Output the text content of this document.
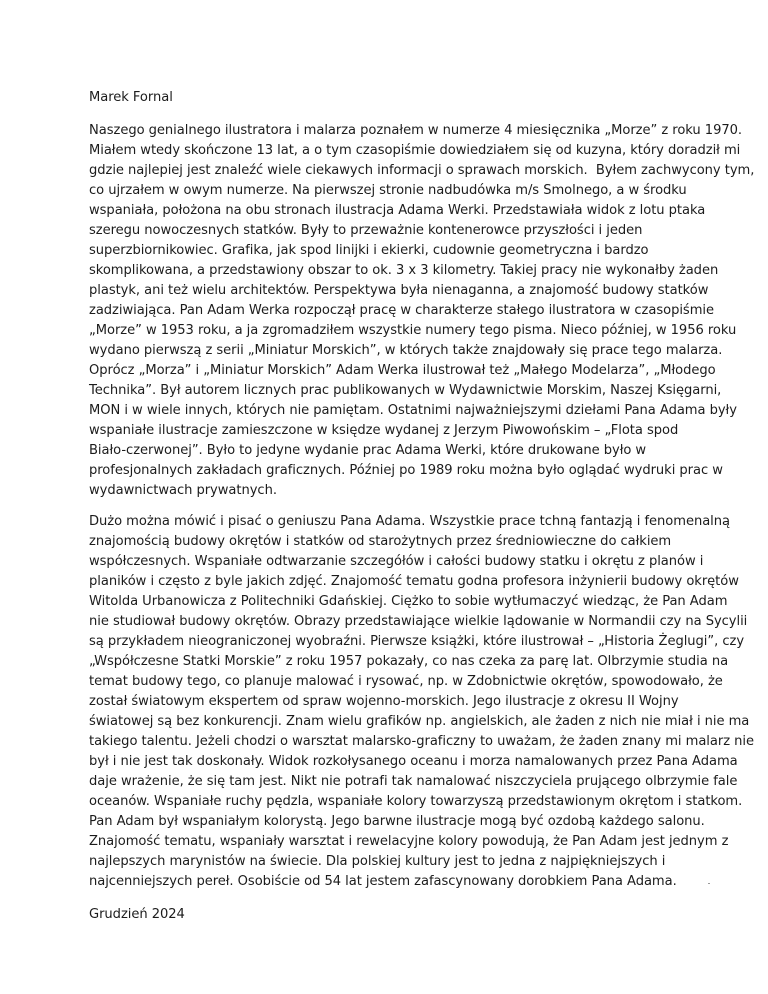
Marek Fornal

Naszego genialnego ilustratora i malarza poznałem w numerze 4 miesięcznika „Morze” z roku 1970.

Miałem wtedy skończone 13 lat, a o tym czasopiśmie dowiedziałem się od kuzyna, który doradził mi

gdzie najlepiej jest znaleźć wiele ciekawych informacji o sprawach morskich.  Byłem zachwycony tym,

co ujrzałem w owym numerze. Na pierwszej stronie nadbudówka m/s Smolnego, a w środku

wspaniała, położona na obu stronach ilustracja Adama Werki. Przedstawiała widok z lotu ptaka

szeregu nowoczesnych statków. Były to przeważnie kontenerowce przyszłości i jeden

superzbiornikowiec. Grafika, jak spod linijki i ekierki, cudownie geometryczna i bardzo

skomplikowana, a przedstawiony obszar to ok. 3 x 3 kilometry. Takiej pracy nie wykonałby żaden

plastyk, ani też wielu architektów. Perspektywa była nienaganna, a znajomość budowy statków

zadziwiająca. Pan Adam Werka rozpoczął pracę w charakterze stałego ilustratora w czasopiśmie

„Morze” w 1953 roku, a ja zgromadziłem wszystkie numery tego pisma. Nieco później, w 1956 roku

wydano pierwszą z serii „Miniatur Morskich”, w których także znajdowały się prace tego malarza.

Oprócz „Morza” i „Miniatur Morskich” Adam Werka ilustrował też „Małego Modelarza”, „Młodego

Technika”. Był autorem licznych prac publikowanych w Wydawnictwie Morskim, Naszej Księgarni,

MON i w wiele innych, których nie pamiętam. Ostatnimi najważniejszymi dziełami Pana Adama były

wspaniałe ilustracje zamieszczone w księdze wydanej z Jerzym Piwowońskim – „Flota spod

Biało-czerwonej”. Było to jedyne wydanie prac Adama Werki, które drukowane było w

profesjonalnych zakładach graficznych. Później po 1989 roku można było oglądać wydruki prac w

wydawnictwach prywatnych.

Dużo można mówić i pisać o geniuszu Pana Adama. Wszystkie prace tchną fantazją i fenomenalną

znajomością budowy okrętów i statków od starożytnych przez średniowieczne do całkiem

współczesnych. Wspaniałe odtwarzanie szczegółów i całości budowy statku i okrętu z planów i

planików i często z byle jakich zdjęć. Znajomość tematu godna profesora inżynierii budowy okrętów

Witolda Urbanowicza z Politechniki Gdańskiej. Ciężko to sobie wytłumaczyć wiedząc, że Pan Adam

nie studiował budowy okrętów. Obrazy przedstawiające wielkie lądowanie w Normandii czy na Sycylii

są przykładem nieograniczonej wyobraźni. Pierwsze książki, które ilustrował – „Historia Żeglugi”, czy

„Współczesne Statki Morskie” z roku 1957 pokazały, co nas czeka za parę lat. Olbrzymie studia na

temat budowy tego, co planuje malować i rysować, np. w Zdobnictwie okrętów, spowodowało, że

został światowym ekspertem od spraw wojenno-morskich. Jego ilustracje z okresu II Wojny

światowej są bez konkurencji. Znam wielu grafików np. angielskich, ale żaden z nich nie miał i nie ma

takiego talentu. Jeżeli chodzi o warsztat malarsko-graficzny to uważam, że żaden znany mi malarz nie

był i nie jest tak doskonały. Widok rozkołysanego oceanu i morza namalowanych przez Pana Adama

daje wrażenie, że się tam jest. Nikt nie potrafi tak namalować niszczyciela prującego olbrzymie fale

oceanów. Wspaniałe ruchy pędzla, wspaniałe kolory towarzyszą przedstawionym okrętom i statkom.

Pan Adam był wspaniałym kolorystą. Jego barwne ilustracje mogą być ozdobą każdego salonu.

Znajomość tematu, wspaniały warsztat i rewelacyjne kolory powodują, że Pan Adam jest jednym z

najlepszych marynistów na świecie. Dla polskiej kultury jest to jedna z najpiękniejszych i

najcenniejszych pereł. Osobiście od 54 lat jestem zafascynowany dorobkiem Pana Adama.

Grudzień 2024
